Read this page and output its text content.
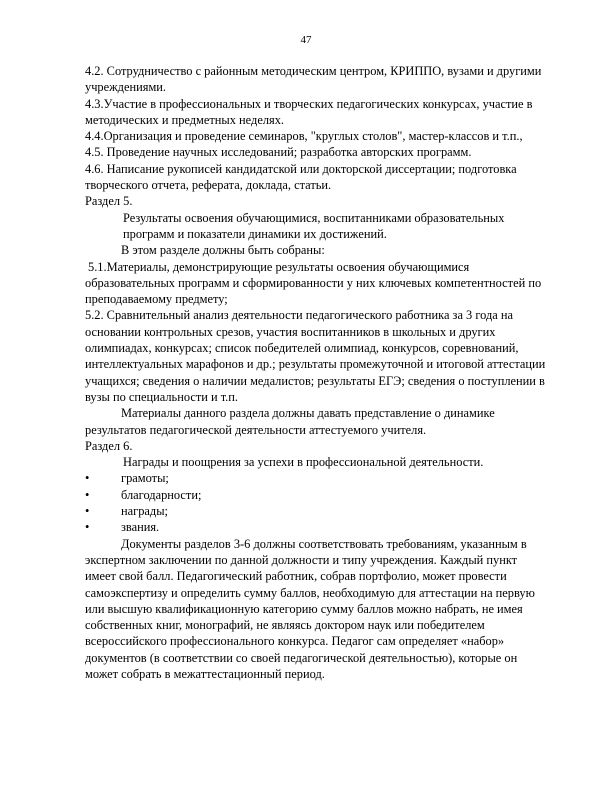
47

4.2. Сотрудничество с районным методическим центром, КРИППО, вузами и другими учреждениями.

4.3.Участие в профессиональных и творческих педагогических конкурсах, участие в методических и предметных неделях.

4.4.Организация и проведение семинаров, "круглых столов", мастер-классов и т.п.,

4.5. Проведение научных исследований; разработка авторских программ.

4.6. Написание рукописей кандидатской или докторской диссертации; подготовка творческого отчета, реферата, доклада, статьи.

Раздел 5.

Результаты освоения обучающимися, воспитанниками образовательных программ и показатели динамики их достижений.

В этом разделе должны быть собраны:

5.1.Материалы, демонстрирующие результаты освоения обучающимися образовательных программ и сформированности у них ключевых компетентностей по преподаваемому предмету;

5.2. Сравнительный анализ деятельности педагогического работника за 3 года на основании контрольных срезов, участия воспитанников в школьных и других олимпиадах, конкурсах; список победителей олимпиад, конкурсов, соревнований, интеллектуальных марафонов и др.; результаты промежуточной и итоговой аттестации учащихся; сведения о наличии медалистов; результаты ЕГЭ; сведения о поступлении в вузы по специальности и т.п.

Материалы данного раздела должны давать представление о динамике результатов педагогической деятельности аттестуемого учителя.

Раздел 6.

Награды и поощрения за успехи в профессиональной деятельности.

•	грамоты;
•	благодарности;
•	награды;
•	звания.

Документы разделов 3-6 должны соответствовать требованиям, указанным в экспертном заключении по данной должности и типу учреждения. Каждый пункт имеет свой балл. Педагогический работник, собрав портфолио, может провести самоэкспертизу и определить сумму баллов, необходимую для аттестации на первую или высшую квалификационную категорию сумму баллов можно набрать, не имея собственных книг, монографий, не являясь доктором наук или победителем всероссийского профессионального конкурса. Педагог сам определяет «набор» документов (в соответствии со своей педагогической деятельностью), которые он может собрать в межаттестационный период.
